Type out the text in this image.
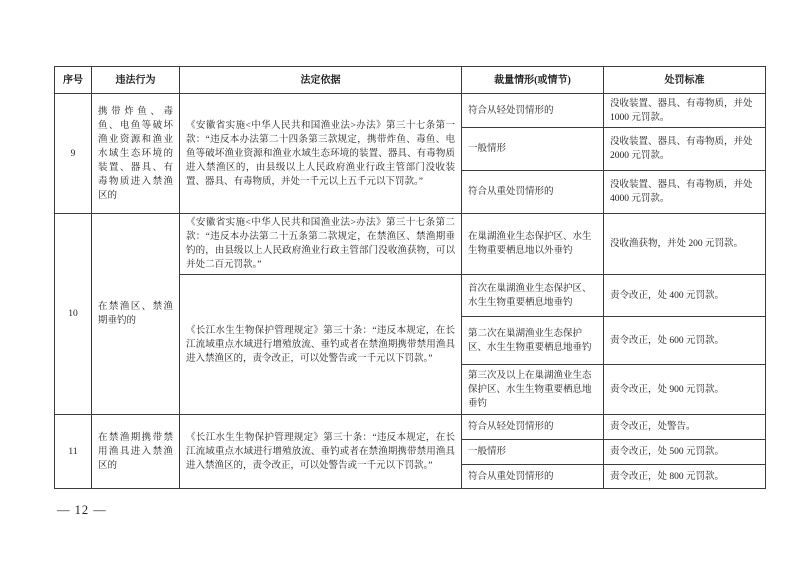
序号	违法行为	法定依据	裁量情形(或情节)	处罚标准
9	携带炸鱼、毒鱼、电鱼等破坏渔业资源和渔业水域生态环境的装置、器具、有毒物质进入禁渔区的	《安徽省实施<中华人民共和国渔业法>办法》第三十七条第一款：“违反本办法第二十四条第三款规定，携带炸鱼、毒鱼、电鱼等破坏渔业资源和渔业水域生态环境的装置、器具、有毒物质进入禁渔区的，由县级以上人民政府渔业行政主管部门没收装置、器具、有毒物质，并处一千元以上五千元以下罚款。”	符合从轻处罚情形的	没收装置、器具、有毒物质，并处 1000 元罚款。
			一般情形	没收装置、器具、有毒物质，并处 2000 元罚款。
			符合从重处罚情形的	没收装置、器具、有毒物质，并处 4000 元罚款。
10	在禁渔区、禁渔期垂钓的	《安徽省实施<中华人民共和国渔业法>办法》第三十七条第二款：“违反本办法第二十五条第二款规定，在禁渔区、禁渔期垂钓的，由县级以上人民政府渔业行政主管部门没收渔获物，可以并处二百元罚款。”	在巢湖渔业生态保护区、水生生物重要栖息地以外垂钓	没收渔获物，并处 200 元罚款。
		《长江水生生物保护管理规定》第三十条：“违反本规定，在长江流域重点水域进行增殖放流、垂钓或者在禁渔期携带禁用渔具进入禁渔区的，责令改正，可以处警告或一千元以下罚款。”	首次在巢湖渔业生态保护区、水生生物重要栖息地垂钓	责令改正，处 400 元罚款。
			第二次在巢湖渔业生态保护区、水生生物重要栖息地垂钓	责令改正，处 600 元罚款。
			第三次及以上在巢湖渔业生态保护区、水生生物重要栖息地垂钓	责令改正，处 900 元罚款。
11	在禁渔期携带禁用渔具进入禁渔区的	《长江水生生物保护管理规定》第三十条：“违反本规定，在长江流域重点水域进行增殖放流、垂钓或者在禁渔期携带禁用渔具进入禁渔区的，责令改正，可以处警告或一千元以下罚款。”	符合从轻处罚情形的	责令改正，处警告。
			一般情形	责令改正，处 500 元罚款。
			符合从重处罚情形的	责令改正，处 800 元罚款。
— 12 —
